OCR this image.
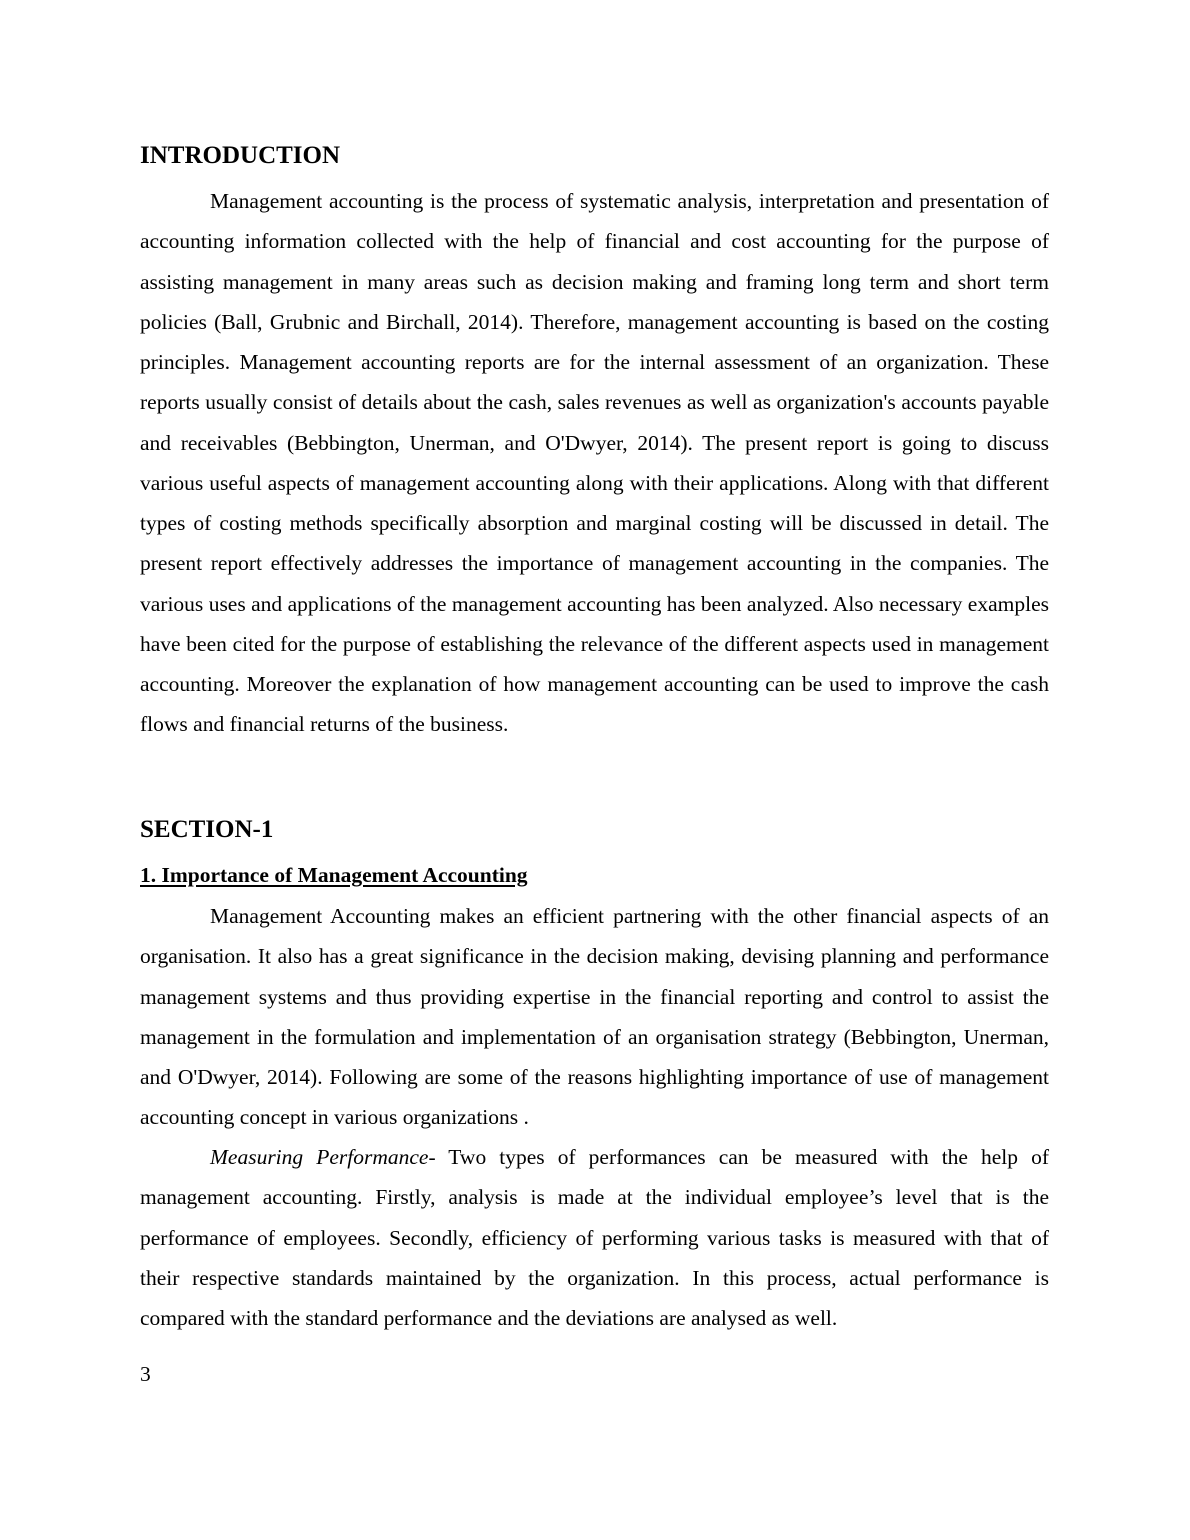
INTRODUCTION

Management accounting is the process of systematic analysis, interpretation and presentation of accounting information collected with the help of financial and cost accounting for the purpose of assisting management in many areas such as decision making and framing long term and short term policies (Ball, Grubnic and Birchall, 2014). Therefore, management accounting is based on the costing principles. Management accounting reports are for the internal assessment of an organization. These reports usually consist of details about the cash, sales revenues as well as organization's accounts payable and receivables (Bebbington, Unerman, and O'Dwyer, 2014). The present report is going to discuss various useful aspects of management accounting along with their applications. Along with that different types of costing methods specifically absorption and marginal costing will be discussed in detail. The present report effectively addresses the importance of management accounting in the companies. The various uses and applications of the management accounting has been analyzed. Also necessary examples have been cited for the purpose of establishing the relevance of the different aspects used in management accounting. Moreover the explanation of how management accounting can be used to improve the cash flows and financial returns of the business.

SECTION-1
1. Importance of Management Accounting

Management Accounting makes an efficient partnering with the other financial aspects of an organisation. It also has a great significance in the decision making, devising planning and performance management systems and thus providing expertise in the financial reporting and control to assist the management in the formulation and implementation of an organisation strategy (Bebbington, Unerman, and O'Dwyer, 2014). Following are some of the reasons highlighting importance of use of management accounting concept in various organizations .

Measuring Performance- Two types of performances can be measured with the help of management accounting. Firstly, analysis is made at the individual employee’s level that is the performance of employees. Secondly, efficiency of performing various tasks is measured with that of their respective standards maintained by the organization. In this process, actual performance is compared with the standard performance and the deviations are analysed as well.

3
